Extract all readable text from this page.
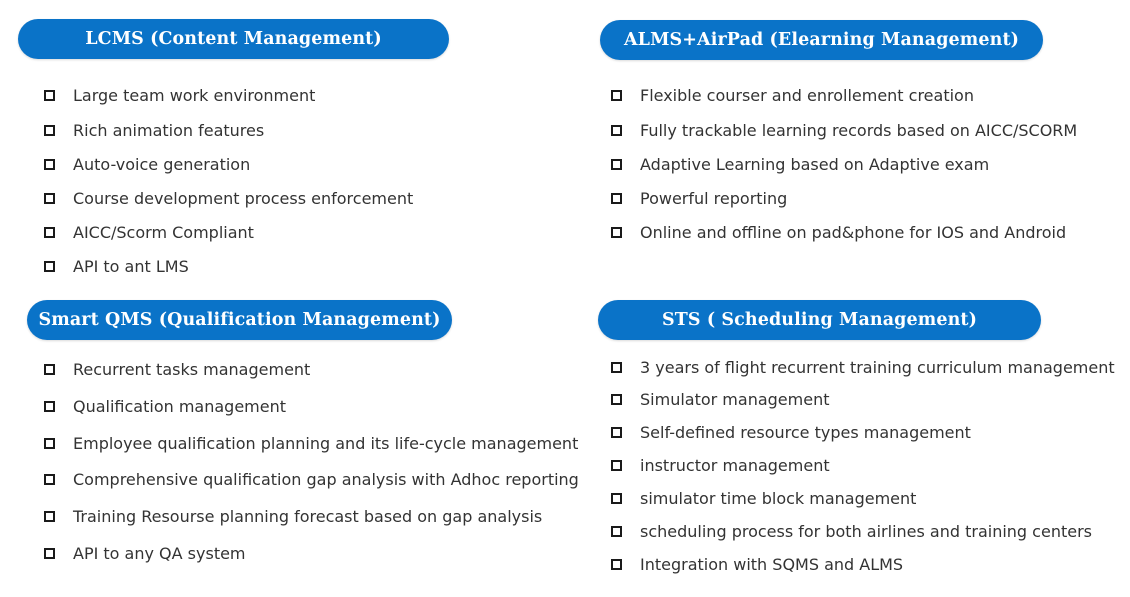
LCMS (Content Management)
Large team work environment
Rich animation features
Auto-voice generation
Course development process enforcement
AICC/Scorm Compliant
API to ant LMS
ALMS+AirPad (Elearning Management)
Flexible courser and enrollement creation
Fully trackable learning records based on AICC/SCORM
Adaptive Learning based on Adaptive exam
Powerful reporting
Online and offline on pad&phone for IOS and Android
Smart QMS (Qualification Management)
Recurrent tasks management
Qualification management
Employee qualification planning and its life-cycle management
Comprehensive qualification gap analysis with Adhoc reporting
Training Resourse planning forecast based on gap analysis
API to any QA system
STS ( Scheduling Management)
3 years of flight recurrent training curriculum management
Simulator management
Self-defined resource types management
instructor management
simulator time block management
scheduling process for both airlines and training centers
Integration with SQMS and ALMS
